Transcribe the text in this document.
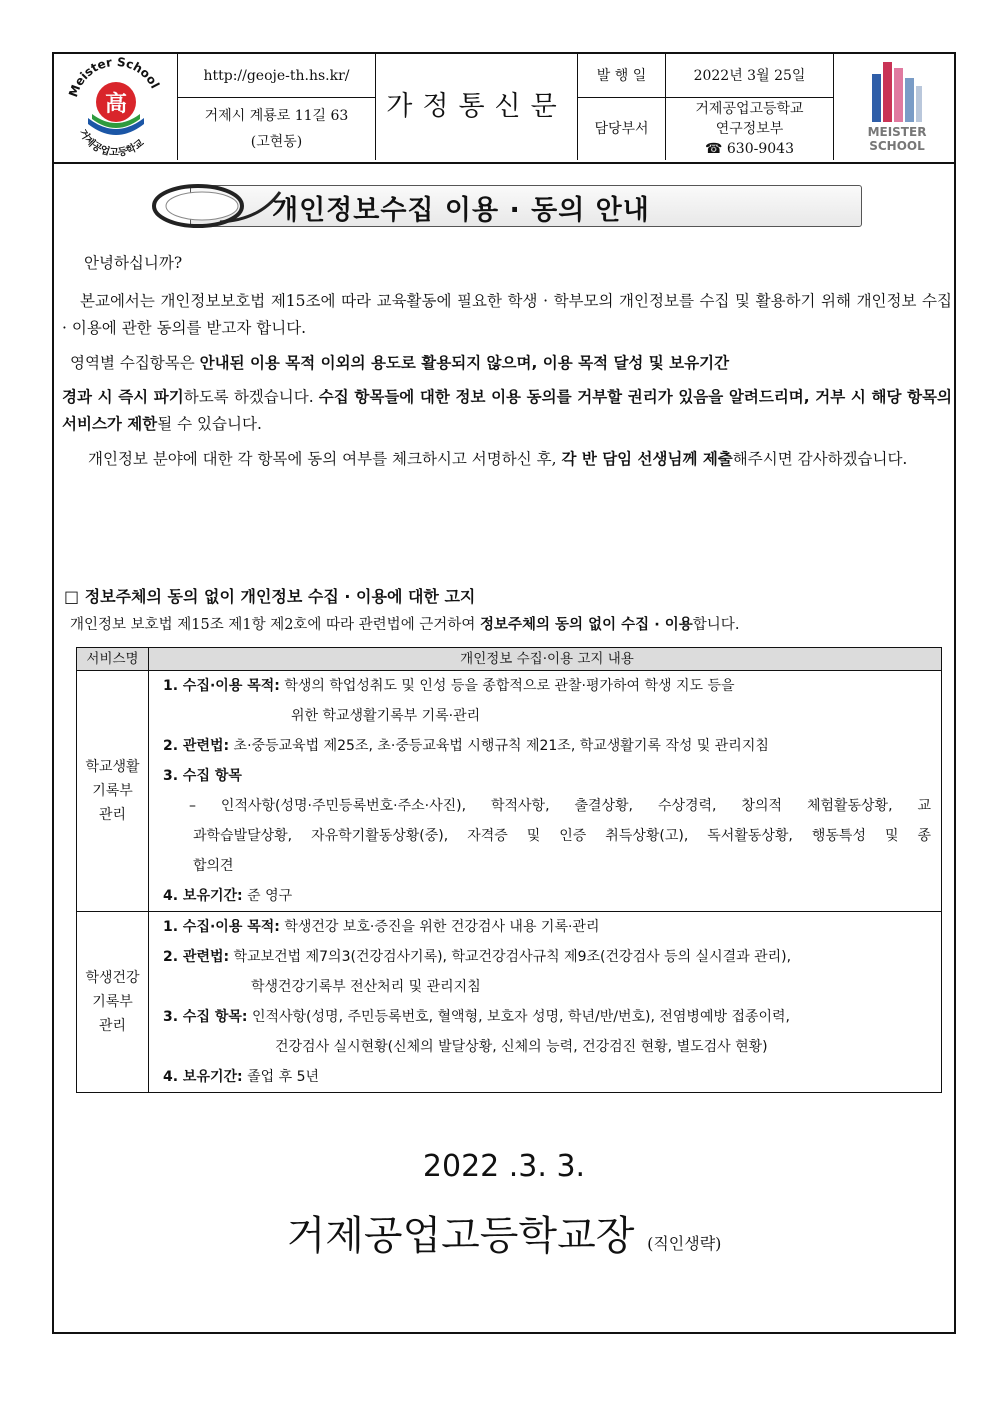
Meister School
高
거제공업고등학교
http://geoje-th.hs.kr/
거제시 계룡로 11길 63
(고현동)
가정통신문
발 행 일	2022년 3월 25일
담당부서
거제공업고등학교
연구정보부
☎ 630-9043
MEISTER
SCHOOL
개인정보수집 이용 · 동의 안내
안녕하십니까?
본교에서는 개인정보보호법 제15조에 따라 교육활동에 필요한 학생 · 학부모의 개인정보를 수집 및 활용하기 위해 개인정보 수집 · 이용에 관한 동의를 받고자 합니다.
영역별 수집항목은 안내된 이용 목적 이외의 용도로 활용되지 않으며, 이용 목적 달성 및 보유기간
경과 시 즉시 파기하도록 하겠습니다. 수집 항목들에 대한 정보 이용 동의를 거부할 권리가 있음을 알려드리며, 거부 시 해당 항목의 서비스가 제한될 수 있습니다.
개인정보 분야에 대한 각 항목에 동의 여부를 체크하시고 서명하신 후, 각 반 담임 선생님께 제출해주시면 감사하겠습니다.
□ 정보주체의 동의 없이 개인정보 수집 · 이용에 대한 고지
개인정보 보호법 제15조 제1항 제2호에 따라 관련법에 근거하여 정보주체의 동의 없이 수집 · 이용합니다.
서비스명	개인정보 수집·이용 고지 내용
학교생활
기록부
관리
1. 수집·이용 목적: 학생의 학업성취도 및 인성 등을 종합적으로 관찰·평가하여 학생 지도 등을
위한 학교생활기록부 기록·관리
2. 관련법: 초·중등교육법 제25조, 초·중등교육법 시행규칙 제21조, 학교생활기록 작성 및 관리지침
3. 수집 항목
– 인적사항(성명·주민등록번호·주소·사진), 학적사항, 출결상황, 수상경력, 창의적 체험활동상황, 교
과학습발달상황, 자유학기활동상황(중), 자격증 및 인증 취득상황(고), 독서활동상황, 행동특성 및 종
합의견
4. 보유기간: 준 영구
학생건강
기록부
관리
1. 수집·이용 목적: 학생건강 보호·증진을 위한 건강검사 내용 기록·관리
2. 관련법: 학교보건법 제7의3(건강검사기록), 학교건강검사규칙 제9조(건강검사 등의 실시결과 관리),
학생건강기록부 전산처리 및 관리지침
3. 수집 항목: 인적사항(성명, 주민등록번호, 혈액형, 보호자 성명, 학년/반/번호), 전염병예방 접종이력,
건강검사 실시현황(신체의 발달상황, 신체의 능력, 건강검진 현황, 별도검사 현황)
4. 보유기간: 졸업 후 5년
2022 .3. 3.
거제공업고등학교장 (직인생략)
